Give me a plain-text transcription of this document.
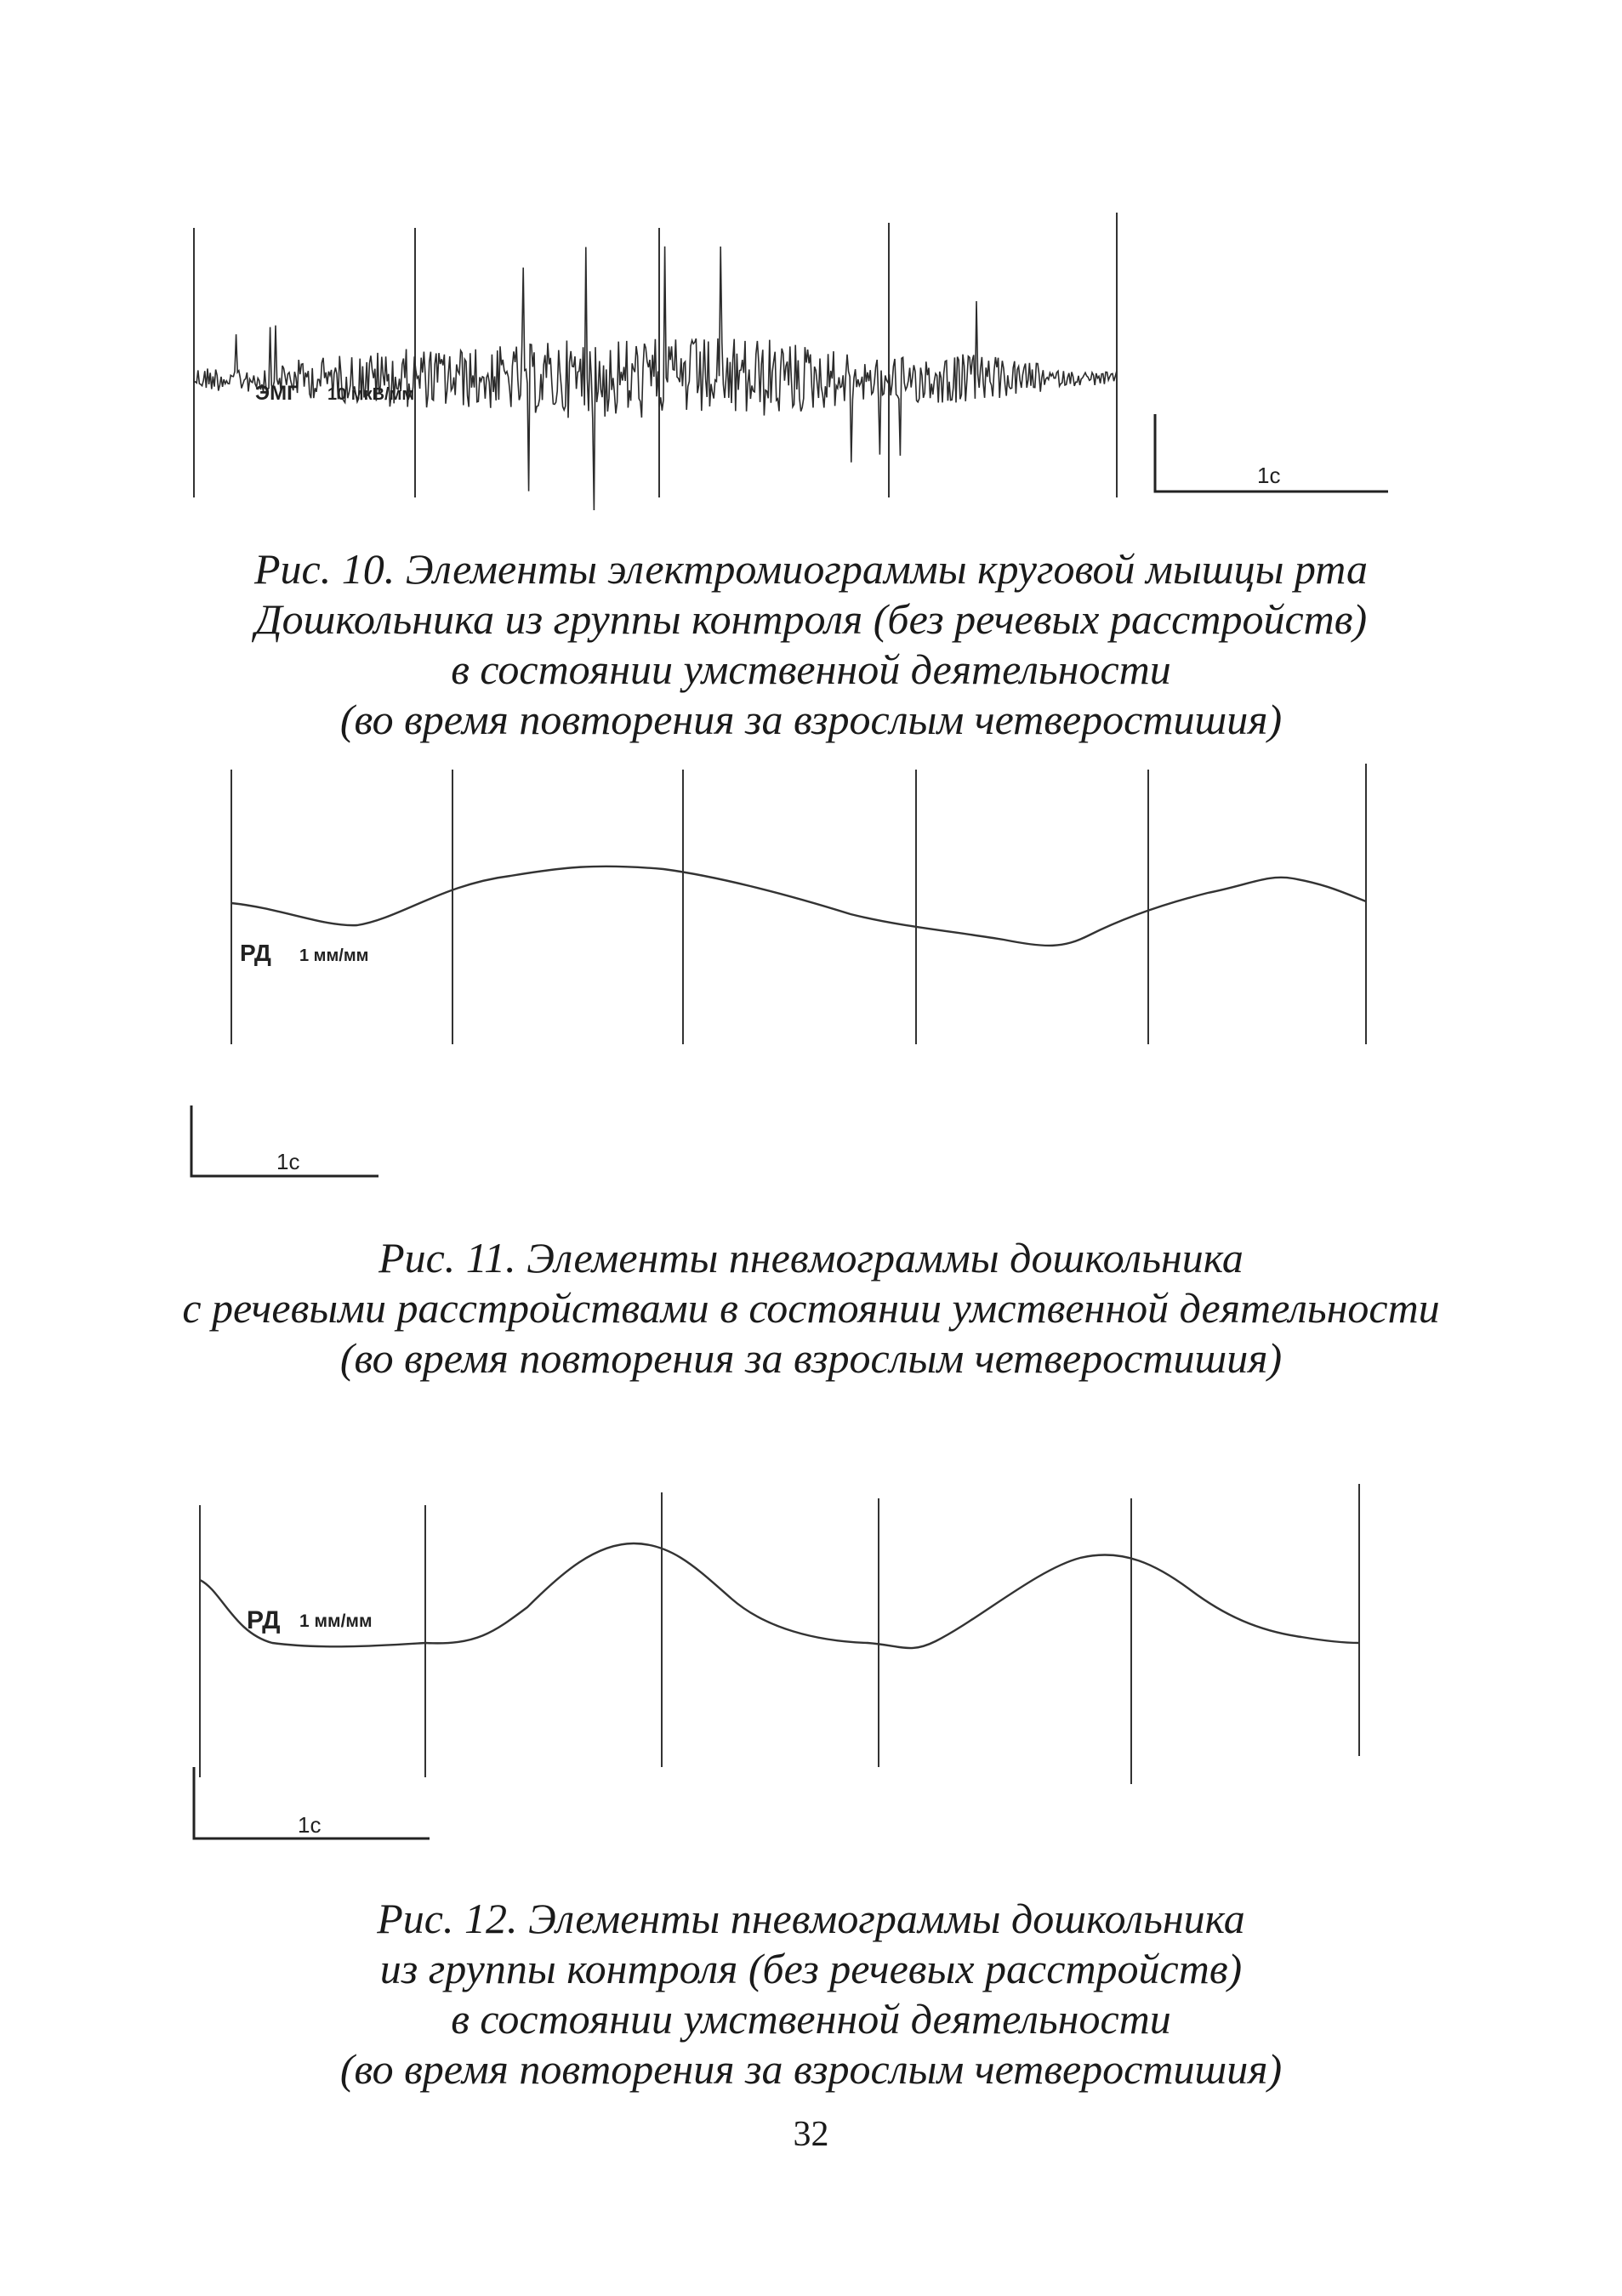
ЭМГ 10 мкВ/мм
1с
Рис. 10. Элементы электромиограммы круговой мышцы рта
Дошкольника из группы контроля (без речевых расстройств)
в состоянии умственной деятельности
(во время повторения за взрослым четверостишия)
РД 1 мм/мм
1с
Рис. 11. Элементы пневмограммы дошкольника
с речевыми расстройствами в состоянии умственной деятельности
(во время повторения за взрослым четверостишия)
РД 1 мм/мм
1с
Рис. 12. Элементы пневмограммы дошкольника
из группы контроля (без речевых расстройств)
в состоянии умственной деятельности
(во время повторения за взрослым четверостишия)
32
